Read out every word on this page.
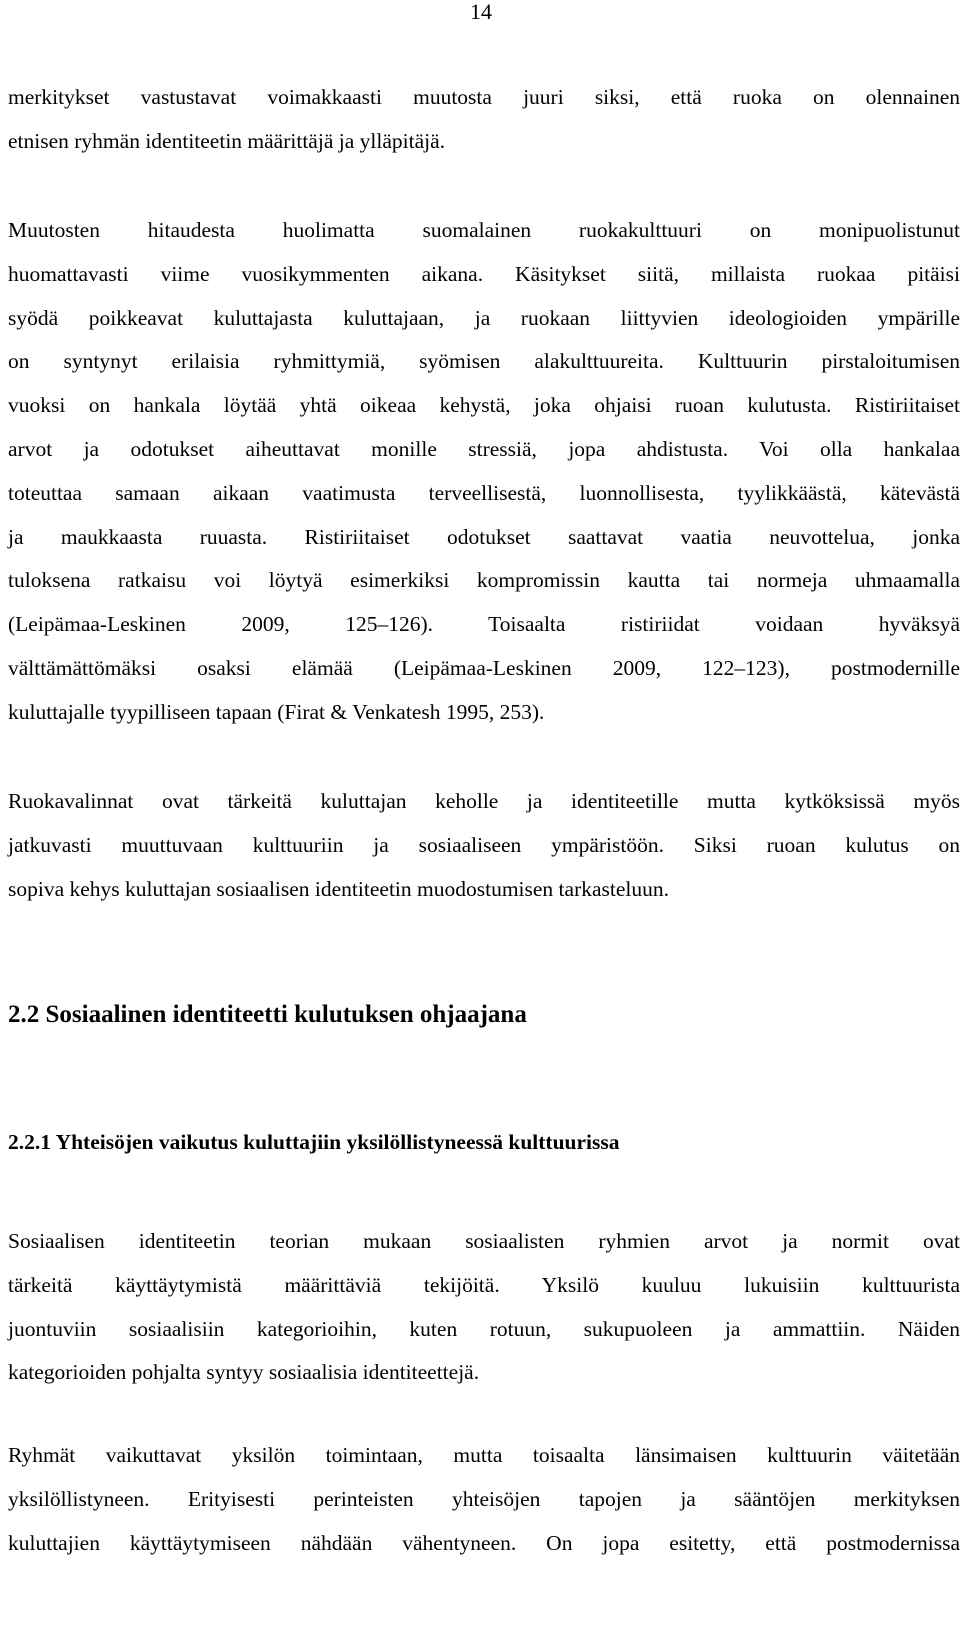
14
merkitykset vastustavat voimakkaasti muutosta juuri siksi, että ruoka on olennainen
etnisen ryhmän identiteetin määrittäjä ja ylläpitäjä.
Muutosten hitaudesta huolimatta suomalainen ruokakulttuuri on monipuolistunut
huomattavasti viime vuosikymmenten aikana. Käsitykset siitä, millaista ruokaa pitäisi
syödä poikkeavat kuluttajasta kuluttajaan, ja ruokaan liittyvien ideologioiden ympärille
on syntynyt erilaisia ryhmittymiä, syömisen alakulttuureita. Kulttuurin pirstaloitumisen
vuoksi on hankala löytää yhtä oikeaa kehystä, joka ohjaisi ruoan kulutusta. Ristiriitaiset
arvot ja odotukset aiheuttavat monille stressiä, jopa ahdistusta. Voi olla hankalaa
toteuttaa samaan aikaan vaatimusta terveellisestä, luonnollisesta, tyylikkäästä, kätevästä
ja maukkaasta ruuasta. Ristiriitaiset odotukset saattavat vaatia neuvottelua, jonka
tuloksena ratkaisu voi löytyä esimerkiksi kompromissin kautta tai normeja uhmaamalla
(Leipämaa-Leskinen 2009, 125–126). Toisaalta ristiriidat voidaan hyväksyä
välttämättömäksi osaksi elämää (Leipämaa-Leskinen 2009, 122–123), postmodernille
kuluttajalle tyypilliseen tapaan (Firat & Venkatesh 1995, 253).
Ruokavalinnat ovat tärkeitä kuluttajan keholle ja identiteetille mutta kytköksissä myös
jatkuvasti muuttuvaan kulttuuriin ja sosiaaliseen ympäristöön. Siksi ruoan kulutus on
sopiva kehys kuluttajan sosiaalisen identiteetin muodostumisen tarkasteluun.
2.2 Sosiaalinen identiteetti kulutuksen ohjaajana
2.2.1 Yhteisöjen vaikutus kuluttajiin yksilöllistyneessä kulttuurissa
Sosiaalisen identiteetin teorian mukaan sosiaalisten ryhmien arvot ja normit ovat
tärkeitä käyttäytymistä määrittäviä tekijöitä. Yksilö kuuluu lukuisiin kulttuurista
juontuviin sosiaalisiin kategorioihin, kuten rotuun, sukupuoleen ja ammattiin. Näiden
kategorioiden pohjalta syntyy sosiaalisia identiteettejä.
Ryhmät vaikuttavat yksilön toimintaan, mutta toisaalta länsimaisen kulttuurin väitetään
yksilöllistyneen. Erityisesti perinteisten yhteisöjen tapojen ja sääntöjen merkityksen
kuluttajien käyttäytymiseen nähdään vähentyneen. On jopa esitetty, että postmodernissa
